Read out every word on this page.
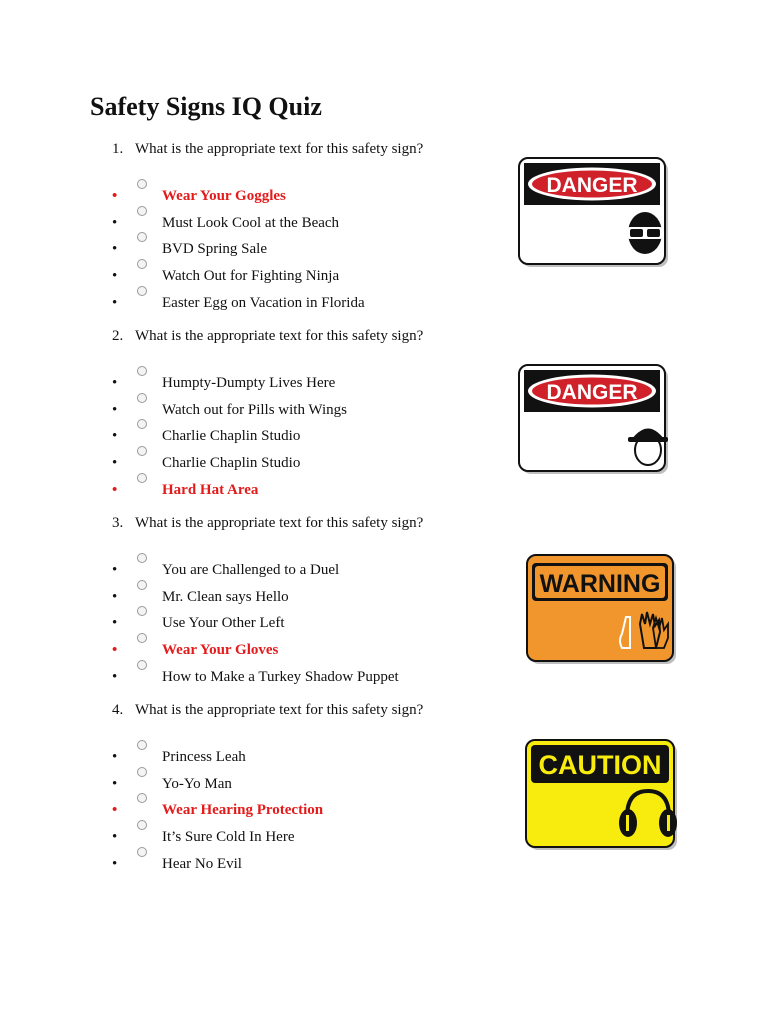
Safety Signs IQ Quiz
1. What is the appropriate text for this safety sign?
•	Wear Your Goggles
•	Must Look Cool at the Beach
•	BVD Spring Sale
•	Watch Out for Fighting Ninja
•	Easter Egg on Vacation in Florida
DANGER
2. What is the appropriate text for this safety sign?
•	Humpty-Dumpty Lives Here
•	Watch out for Pills with Wings
•	Charlie Chaplin Studio
•	Charlie Chaplin Studio
•	Hard Hat Area
DANGER
3. What is the appropriate text for this safety sign?
•	You are Challenged to a Duel
•	Mr. Clean says Hello
•	Use Your Other Left
•	Wear Your Gloves
•	How to Make a Turkey Shadow Puppet
WARNING
4. What is the appropriate text for this safety sign?
•	Princess Leah
•	Yo-Yo Man
•	Wear Hearing Protection
•	It’s Sure Cold In Here
•	Hear No Evil
CAUTION
